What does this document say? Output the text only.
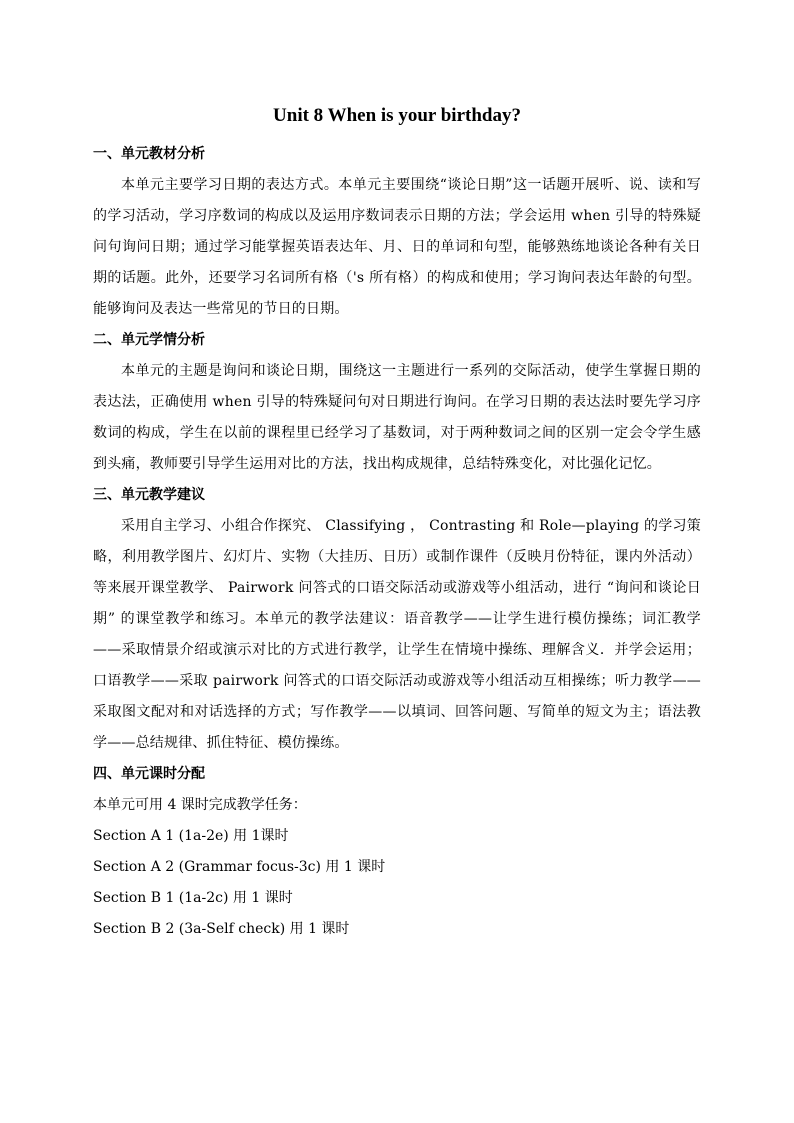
Unit 8 When is your birthday?

一、单元教材分析

本单元主要学习日期的表达方式。本单元主要围绕“谈论日期”这一话题开展听、说、读和写的学习活动，学习序数词的构成以及运用序数词表示日期的方法；学会运用 when 引导的特殊疑问句询问日期；通过学习能掌握英语表达年、月、日的单词和句型，能够熟练地谈论各种有关日期的话题。此外，还要学习名词所有格（'s 所有格）的构成和使用；学习询问表达年龄的句型。能够询问及表达一些常见的节日的日期。

二、单元学情分析

本单元的主题是询问和谈论日期，围绕这一主题进行一系列的交际活动，使学生掌握日期的表达法，正确使用 when 引导的特殊疑问句对日期进行询问。在学习日期的表达法时要先学习序数词的构成，学生在以前的课程里已经学习了基数词，对于两种数词之间的区别一定会令学生感到头痛，教师要引导学生运用对比的方法，找出构成规律，总结特殊变化，对比强化记忆。

三、单元教学建议

采用自主学习、小组合作探究、 Classifying ， Contrasting 和 Role—playing 的学习策略，利用教学图片、幻灯片、实物（大挂历、日历）或制作课件（反映月份特征，课内外活动）等来展开课堂教学、 Pairwork 问答式的口语交际活动或游戏等小组活动，进行 “询问和谈论日期” 的课堂教学和练习。本单元的教学法建议：语音教学——让学生进行模仿操练；词汇教学——采取情景介绍或演示对比的方式进行教学，让学生在情境中操练、理解含义．并学会运用；口语教学——采取 pairwork 问答式的口语交际活动或游戏等小组活动互相操练；听力教学——采取图文配对和对话选择的方式；写作教学——以填词、回答问题、写简单的短文为主；语法教学——总结规律、抓住特征、模仿操练。

四、单元课时分配

本单元可用 4 课时完成教学任务：

Section A 1 (1a-2e) 用 1课时

Section A 2 (Grammar focus-3c) 用 1 课时

Section B 1 (1a-2c) 用 1 课时

Section B 2 (3a-Self check) 用 1 课时
